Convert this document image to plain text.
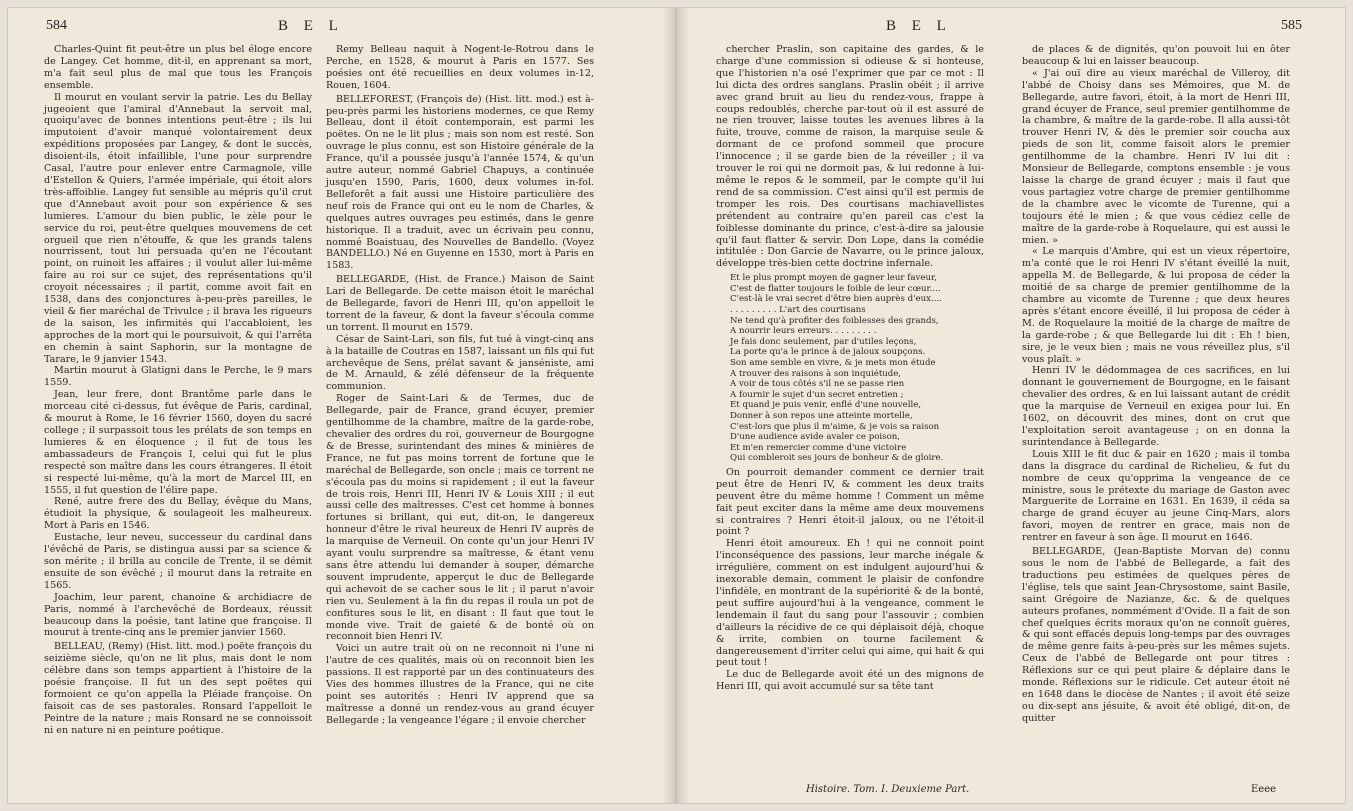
584	B E L

Charles-Quint fit peut-être un plus bel éloge encore de Langey. Cet homme, dit-il, en apprenant sa mort, m'a fait seul plus de mal que tous les François ensemble.

Il mourut en voulant servir la patrie. Les du Bellay jugeoient que l'amiral d'Annebaut la servoit mal, quoiqu'avec de bonnes intentions peut-être ; ils lui imputoient d'avoir manqué volontairement deux expéditions proposées par Langey, & dont le succès, disoient-ils, étoit infaillible, l'une pour surprendre Casal, l'autre pour enlever entre Carmagnole, ville d'Estellon & Quiers, l'armée impériale, qui étoit alors très-affoiblie. Langey fut sensible au mépris qu'il crut que d'Annebaut avoit pour son expérience & ses lumieres. L'amour du bien public, le zèle pour le service du roi, peut-être quelques mouvemens de cet orgueil que rien n'étouffe, & que les grands talens nourrissent, tout lui persuada qu'en ne l'écoutant point, on ruinoit les affaires ; il voulut aller lui-même faire au roi sur ce sujet, des représentations qu'il croyoit nécessaires ; il partit, comme avoit fait en 1538, dans des conjonctures à-peu-près pareilles, le vieil & fier maréchal de Trivulce ; il brava les rigueurs de la saison, les infirmités qui l'accabloient, les approches de la mort qui le poursuivoit, & qui l'arrêta en chemin à saint Saphorin, sur la montagne de Tarare, le 9 janvier 1543.

Martin mourut à Glatigni dans le Perche, le 9 mars 1559.

Jean, leur frere, dont Brantôme parle dans le morceau cité ci-dessus, fut évêque de Paris, cardinal, & mourut à Rome, le 16 février 1560, doyen du sacré college ; il surpassoit tous les prélats de son temps en lumieres & en éloquence ; il fut de tous les ambassadeurs de François I, celui qui fut le plus respecté son maître dans les cours étrangeres. Il étoit si respecté lui-même, qu'à la mort de Marcel III, en 1555, il fut question de l'élire pape.

René, autre frere des du Bellay, évêque du Mans, étudioit la physique, & soulageoit les malheureux. Mort à Paris en 1546.

Eustache, leur neveu, successeur du cardinal dans l'évêché de Paris, se distingua aussi par sa science & son mérite ; il brilla au concile de Trente, il se démit ensuite de son évêché ; il mourut dans la retraite en 1565.

Joachim, leur parent, chanoine & archidiacre de Paris, nommé à l'archevêché de Bordeaux, réussit beaucoup dans la poésie, tant latine que françoise. Il mourut à trente-cinq ans le premier janvier 1560.

BELLEAU, (Remy) (Hist. litt. mod.) poëte françois du seizième siècle, qu'on ne lit plus, mais dont le nom célèbre dans son temps appartient à l'histoire de la poésie françoise. Il fut un des sept poëtes qui formoient ce qu'on appella la Pléiade françoise. On faisoit cas de ses pastorales. Ronsard l'appelloit le Peintre de la nature ; mais Ronsard ne se connoissoit ni en nature ni en peinture poétique.

Remy Belleau naquit à Nogent-le-Rotrou dans le Perche, en 1528, & mourut à Paris en 1577. Ses poésies ont été recueillies en deux volumes in-12, Rouen, 1604.

BELLEFOREST, (François de) (Hist. litt. mod.) est à-peu-près parmi les historiens modernes, ce que Remy Belleau, dont il étoit contemporain, est parmi les poëtes. On ne le lit plus ; mais son nom est resté. Son ouvrage le plus connu, est son Histoire générale de la France, qu'il a poussée jusqu'à l'année 1574, & qu'un autre auteur, nommé Gabriel Chapuys, a continuée jusqu'en 1590, Paris, 1600, deux volumes in-fol. Belleforêt a fait aussi une Histoire particulière des neuf rois de France qui ont eu le nom de Charles, & quelques autres ouvrages peu estimés, dans le genre historique. Il a traduit, avec un écrivain peu connu, nommé Boaistuau, des Nouvelles de Bandello. (Voyez BANDELLO.) Né en Guyenne en 1530, mort à Paris en 1583.

BELLEGARDE, (Hist. de France.) Maison de Saint Lari de Bellegarde. De cette maison étoit le maréchal de Bellegarde, favori de Henri III, qu'on appelloit le torrent de la faveur, & dont la faveur s'écoula comme un torrent. Il mourut en 1579.

César de Saint-Lari, son fils, fut tué à vingt-cinq ans à la bataille de Coutras en 1587, laissant un fils qui fut archevêque de Sens, prélat savant & janséniste, ami de M. Arnauld, & zélé défenseur de la fréquente communion.

Roger de Saint-Lari & de Termes, duc de Bellegarde, pair de France, grand écuyer, premier gentilhomme de la chambre, maître de la garde-robe, chevalier des ordres du roi, gouverneur de Bourgogne & de Bresse, surintendant des mines & minières de France, ne fut pas moins torrent de fortune que le maréchal de Bellegarde, son oncle ; mais ce torrent ne s'écoula pas du moins si rapidement ; il eut la faveur de trois rois, Henri III, Henri IV & Louis XIII ; il eut aussi celle des maîtresses. C'est cet homme à bonnes fortunes si brillant, qui eut, dit-on, le dangereux honneur d'être le rival heureux de Henri IV auprès de la marquise de Verneuil. On conte qu'un jour Henri IV ayant voulu surprendre sa maîtresse, & étant venu sans être attendu lui demander à souper, démarche souvent imprudente, apperçut le duc de Bellegarde qui achevoit de se cacher sous le lit ; il parut n'avoir rien vu. Seulement à la fin du repas il roula un pot de confitures sous le lit, en disant : Il faut que tout le monde vive. Trait de gaieté & de bonté où on reconnoit bien Henri IV.

Voici un autre trait où on ne reconnoit ni l'une ni l'autre de ces qualités, mais où on reconnoit bien les passions. Il est rapporté par un des continuateurs des Vies des hommes illustres de la France, qui ne cite point ses autorités : Henri IV apprend que sa maîtresse a donné un rendez-vous au grand écuyer Bellegarde ; la vengeance l'égare ; il envoie chercher

B E L	585

chercher Praslin, son capitaine des gardes, & le charge d'une commission si odieuse & si honteuse, que l'historien n'a osé l'exprimer que par ce mot : Il lui dicta des ordres sanglans. Praslin obéit ; il arrive avec grand bruit au lieu du rendez-vous, frappe à coups redoublés, cherche par-tout où il est assuré de ne rien trouver, laisse toutes les avenues libres à la fuite, trouve, comme de raison, la marquise seule & dormant de ce profond sommeil que procure l'innocence ; il se garde bien de la réveiller ; il va trouver le roi qui ne dormoit pas, & lui redonne à lui-même le repos & le sommeil, par le compte qu'il lui rend de sa commission. C'est ainsi qu'il est permis de tromper les rois. Des courtisans machiavellistes prétendent au contraire qu'en pareil cas c'est la foiblesse dominante du prince, c'est-à-dire sa jalousie qu'il faut flatter & servir. Don Lope, dans la comédie intitulée : Don Garcie de Navarre, ou le prince jaloux, développe très-bien cette doctrine infernale.

Et le plus prompt moyen de gagner leur faveur,
C'est de flatter toujours le foible de leur cœur....
C'est-là le vrai secret d'être bien auprès d'eux....
. . . . . . . . . L'art des courtisans
Ne tend qu'à profiter des foiblesses des grands,
A nourrir leurs erreurs. . . . . . . . .
Je fais donc seulement, par d'utiles leçons,
La porte qu'a le prince à de jaloux soupçons.
Son ame semble en vivre, & je mets mon étude
A trouver des raisons à son inquiétude,
A voir de tous côtés s'il ne se passe rien
A fournir le sujet d'un secret entretien ;
Et quand je puis venir, enflé d'une nouvelle,
Donner à son repos une atteinte mortelle,
C'est-lors que plus il m'aime, & je vois sa raison
D'une audience avide avaler ce poison,
Et m'en remercier comme d'une victoire
Qui combleroit ses jours de bonheur & de gloire.

On pourroit demander comment ce dernier trait peut être de Henri IV, & comment les deux traits peuvent être du même homme ! Comment un même fait peut exciter dans la même ame deux mouvemens si contraires ? Henri étoit-il jaloux, ou ne l'étoit-il point ?

Henri étoit amoureux. Eh ! qui ne connoit point l'inconséquence des passions, leur marche inégale & irrégulière, comment on est indulgent aujourd'hui & inexorable demain, comment le plaisir de confondre l'infidèle, en montrant de la supériorité & de la bonté, peut suffire aujourd'hui à la vengeance, comment le lendemain il faut du sang pour l'assouvir ; combien d'ailleurs la récidive de ce qui déplaisoit déjà, choque & irrite, combien on tourne facilement & dangereusement d'irriter celui qui aime, qui hait & qui peut tout !

Le duc de Bellegarde avoit été un des mignons de Henri III, qui avoit accumulé sur sa tête tant

de places & de dignités, qu'on pouvoit lui en ôter beaucoup & lui en laisser beaucoup.

« J'ai ouï dire au vieux maréchal de Villeroy, dit l'abbé de Choisy dans ses Mémoires, que M. de Bellegarde, autre favori, étoit, à la mort de Henri III, grand écuyer de France, seul premier gentilhomme de la chambre, & maître de la garde-robe. Il alla aussi-tôt trouver Henri IV, & dès le premier soir coucha aux pieds de son lit, comme faisoit alors le premier gentilhomme de la chambre. Henri IV lui dit : Monsieur de Bellegarde, comptons ensemble : je vous laisse la charge de grand écuyer ; mais il faut que vous partagiez votre charge de premier gentilhomme de la chambre avec le vicomte de Turenne, qui a toujours été le mien ; & que vous cédiez celle de maître de la garde-robe à Roquelaure, qui est aussi le mien. »

« Le marquis d'Ambre, qui est un vieux répertoire, m'a conté que le roi Henri IV s'étant éveillé la nuit, appella M. de Bellegarde, & lui proposa de céder la moitié de sa charge de premier gentilhomme de la chambre au vicomte de Turenne ; que deux heures après s'étant encore éveillé, il lui proposa de céder à M. de Roquelaure la moitié de la charge de maître de la garde-robe ; & que Bellegarde lui dit : Eh ! bien, sire, je le veux bien ; mais ne vous réveillez plus, s'il vous plaît. »

Henri IV le dédommagea de ces sacrifices, en lui donnant le gouvernement de Bourgogne, en le faisant chevalier des ordres, & en lui laissant autant de crédit que la marquise de Verneuil en exigea pour lui. En 1602, on découvrit des mines, dont on crut que l'exploitation seroit avantageuse ; on en donna la surintendance à Bellegarde.

Louis XIII le fit duc & pair en 1620 ; mais il tomba dans la disgrace du cardinal de Richelieu, & fut du nombre de ceux qu'opprima la vengeance de ce ministre, sous le prétexte du mariage de Gaston avec Marguerite de Lorraine en 1631. En 1639, il céda sa charge de grand écuyer au jeune Cinq-Mars, alors favori, moyen de rentrer en grace, mais non de rentrer en faveur à son âge. Il mourut en 1646.

BELLEGARDE, (Jean-Baptiste Morvan de) connu sous le nom de l'abbé de Bellegarde, a fait des traductions peu estimées de quelques pères de l'église, tels que saint Jean-Chrysostome, saint Basile, saint Grégoire de Nazianze, &c. & de quelques auteurs profanes, nommément d'Ovide. Il a fait de son chef quelques écrits moraux qu'on ne connoît guères, & qui sont effacés depuis long-temps par des ouvrages de même genre faits à-peu-près sur les mêmes sujets. Ceux de l'abbé de Bellegarde ont pour titres : Réflexions sur ce qui peut plaire & déplaire dans le monde. Réflexions sur le ridicule. Cet auteur étoit né en 1648 dans le diocèse de Nantes ; il avoit été seize ou dix-sept ans jésuite, & avoit été obligé, dit-on, de quitter

Histoire. Tom. I. Deuxieme Part.	Eeee
